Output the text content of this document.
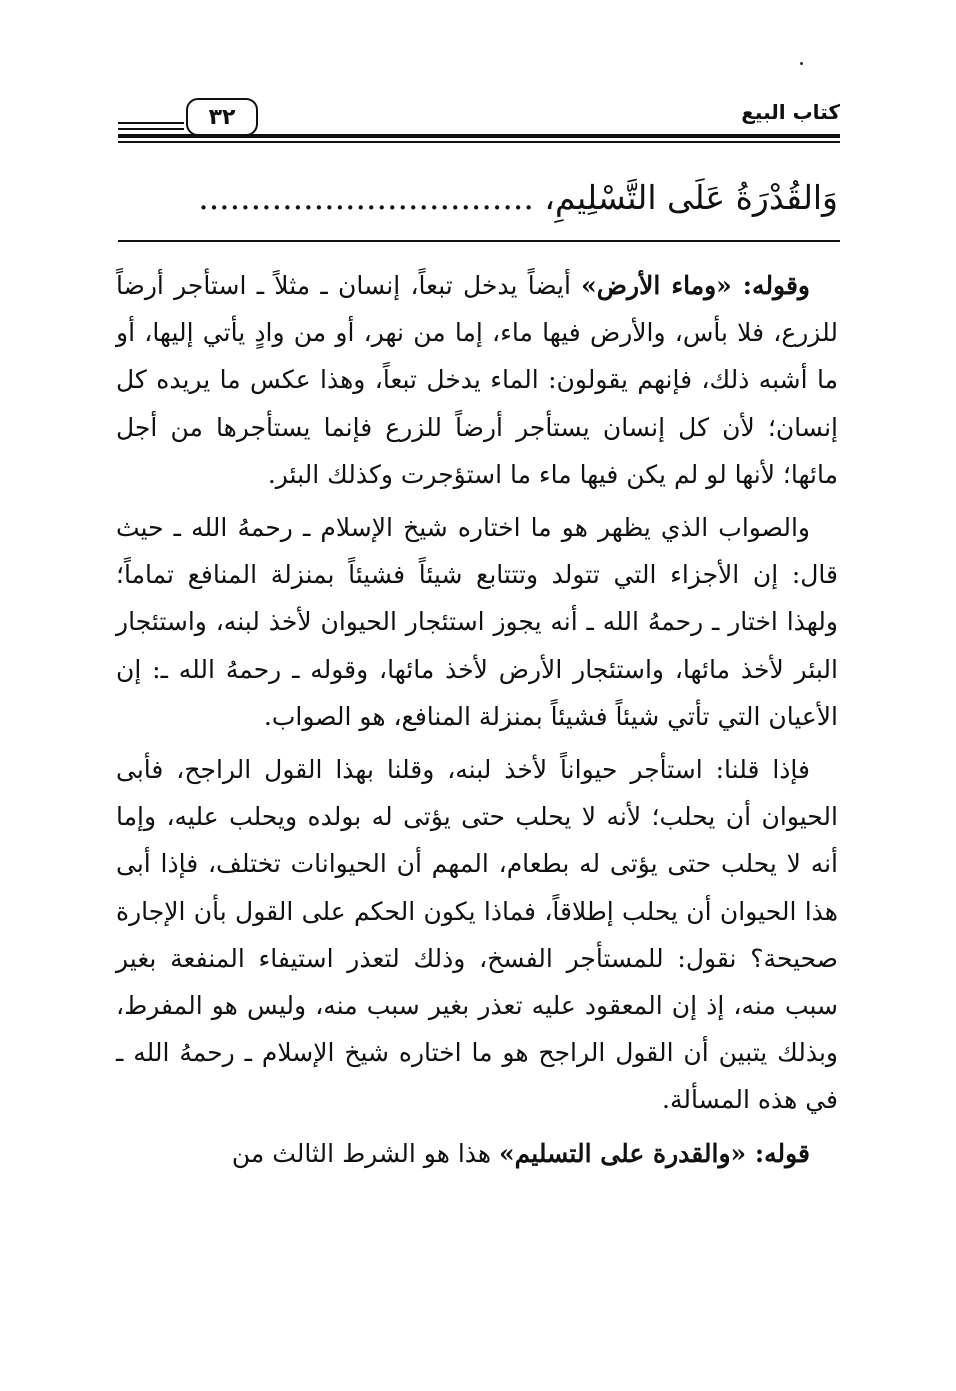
كتاب البيع
٣٢
وَالقُدْرَةُ عَلَى التَّسْلِيمِ، ................................

وقوله: «وماء الأرض» أيضاً يدخل تبعاً، إنسان ـ مثلاً ـ استأجر أرضاً للزرع، فلا بأس، والأرض فيها ماء، إما من نهر، أو من وادٍ يأتي إليها، أو ما أشبه ذلك، فإنهم يقولون: الماء يدخل تبعاً، وهذا عكس ما يريده كل إنسان؛ لأن كل إنسان يستأجر أرضاً للزرع فإنما يستأجرها من أجل مائها؛ لأنها لو لم يكن فيها ماء ما استؤجرت وكذلك البئر.

والصواب الذي يظهر هو ما اختاره شيخ الإسلام ـ رحمهُ الله ـ حيث قال: إن الأجزاء التي تتولد وتتتابع شيئاً فشيئاً بمنزلة المنافع تماماً؛ ولهذا اختار ـ رحمهُ الله ـ أنه يجوز استئجار الحيوان لأخذ لبنه، واستئجار البئر لأخذ مائها، واستئجار الأرض لأخذ مائها، وقوله ـ رحمهُ الله ـ: إن الأعيان التي تأتي شيئاً فشيئاً بمنزلة المنافع، هو الصواب.

فإذا قلنا: استأجر حيواناً لأخذ لبنه، وقلنا بهذا القول الراجح، فأبى الحيوان أن يحلب؛ لأنه لا يحلب حتى يؤتى له بولده ويحلب عليه، وإما أنه لا يحلب حتى يؤتى له بطعام، المهم أن الحيوانات تختلف، فإذا أبى هذا الحيوان أن يحلب إطلاقاً، فماذا يكون الحكم على القول بأن الإجارة صحيحة؟ نقول: للمستأجر الفسخ، وذلك لتعذر استيفاء المنفعة بغير سبب منه، إذ إن المعقود عليه تعذر بغير سبب منه، وليس هو المفرط، وبذلك يتبين أن القول الراجح هو ما اختاره شيخ الإسلام ـ رحمهُ الله ـ في هذه المسألة.

قوله: «والقدرة على التسليم» هذا هو الشرط الثالث من
